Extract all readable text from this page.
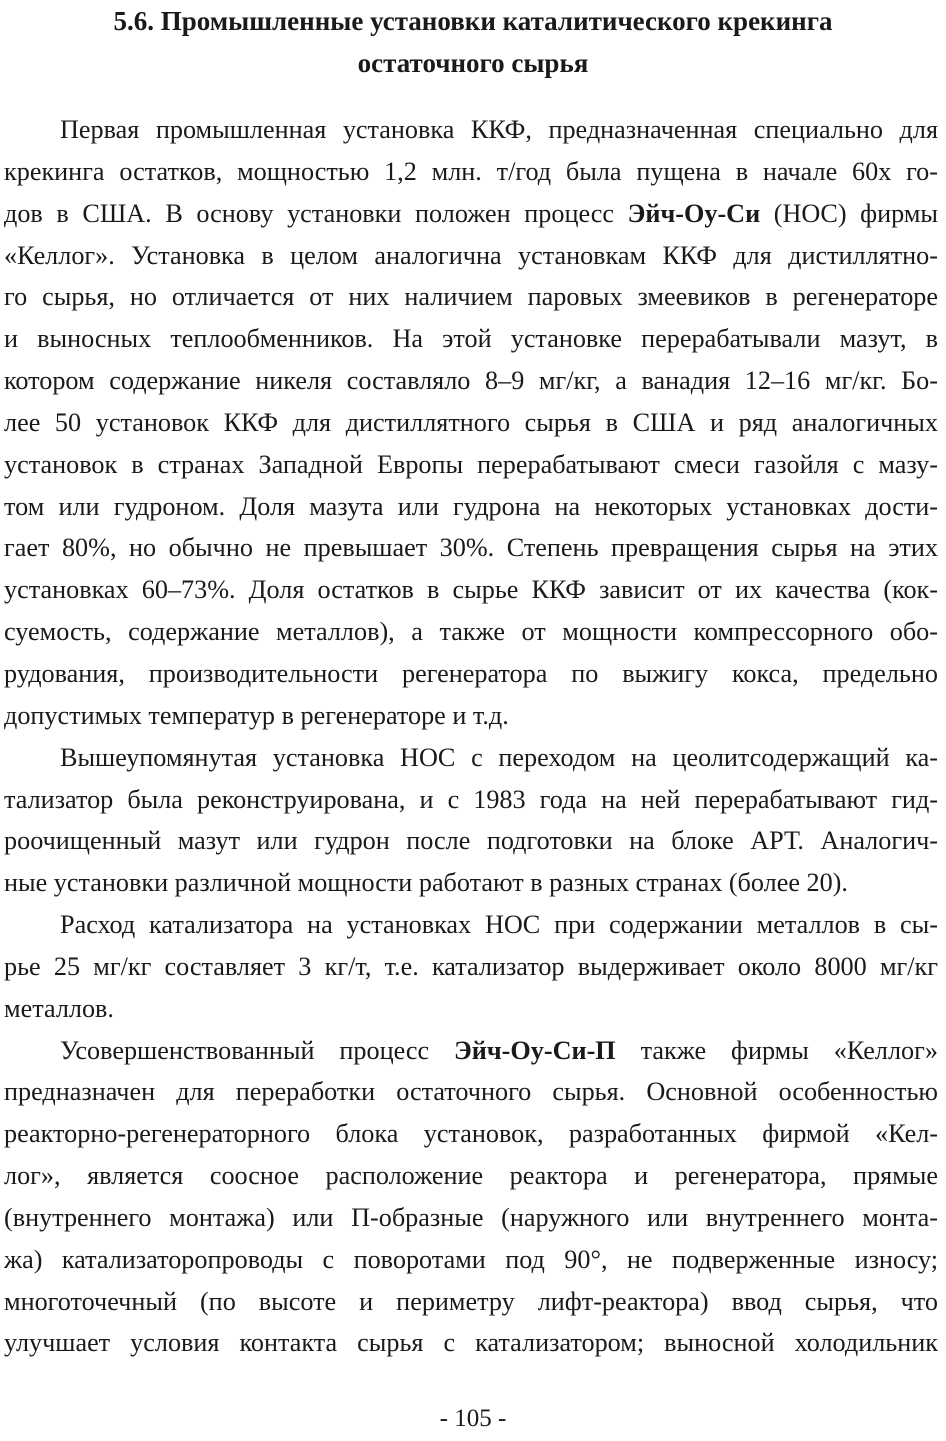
5.6. Промышленные установки каталитического крекинга
остаточного сырья
Первая промышленная установка ККФ, предназначенная специально для
крекинга остатков, мощностью 1,2 млн. т/год была пущена в начале 60х го-
дов в США. В основу установки положен процесс Эйч-Оу-Си (HOC) фирмы
«Келлог». Установка в целом аналогична установкам ККФ для дистиллятно-
го сырья, но отличается от них наличием паровых змеевиков в регенераторе
и выносных теплообменников. На этой установке перерабатывали мазут, в
котором содержание никеля составляло 8–9 мг/кг, а ванадия 12–16 мг/кг. Бо-
лее 50 установок ККФ для дистиллятного сырья в США и ряд аналогичных
установок в странах Западной Европы перерабатывают смеси газойля с мазу-
том или гудроном. Доля мазута или гудрона на некоторых установках дости-
гает 80%, но обычно не превышает 30%. Степень превращения сырья на этих
установках 60–73%. Доля остатков в сырье ККФ зависит от их качества (кок-
суемость, содержание металлов), а также от мощности компрессорного обо-
рудования, производительности регенератора по выжигу кокса, предельно
допустимых температур в регенераторе и т.д.
Вышеупомянутая установка HOC с переходом на цеолитсодержащий ка-
тализатор была реконструирована, и с 1983 года на ней перерабатывают гид-
роочищенный мазут или гудрон после подготовки на блоке АРТ. Аналогич-
ные установки различной мощности работают в разных странах (более 20).
Расход катализатора на установках HOC при содержании металлов в сы-
рье 25 мг/кг составляет 3 кг/т, т.е. катализатор выдерживает около 8000 мг/кг
металлов.
Усовершенствованный процесс Эйч-Оу-Си-П также фирмы «Келлог»
предназначен для переработки остаточного сырья. Основной особенностью
реакторно-регенераторного блока установок, разработанных фирмой «Кел-
лог», является соосное расположение реактора и регенератора, прямые
(внутреннего монтажа) или П-образные (наружного или внутреннего монта-
жа) катализаторопроводы с поворотами под 90°, не подверженные износу;
многоточечный (по высоте и периметру лифт-реактора) ввод сырья, что
улучшает условия контакта сырья с катализатором; выносной холодильник
- 105 -
